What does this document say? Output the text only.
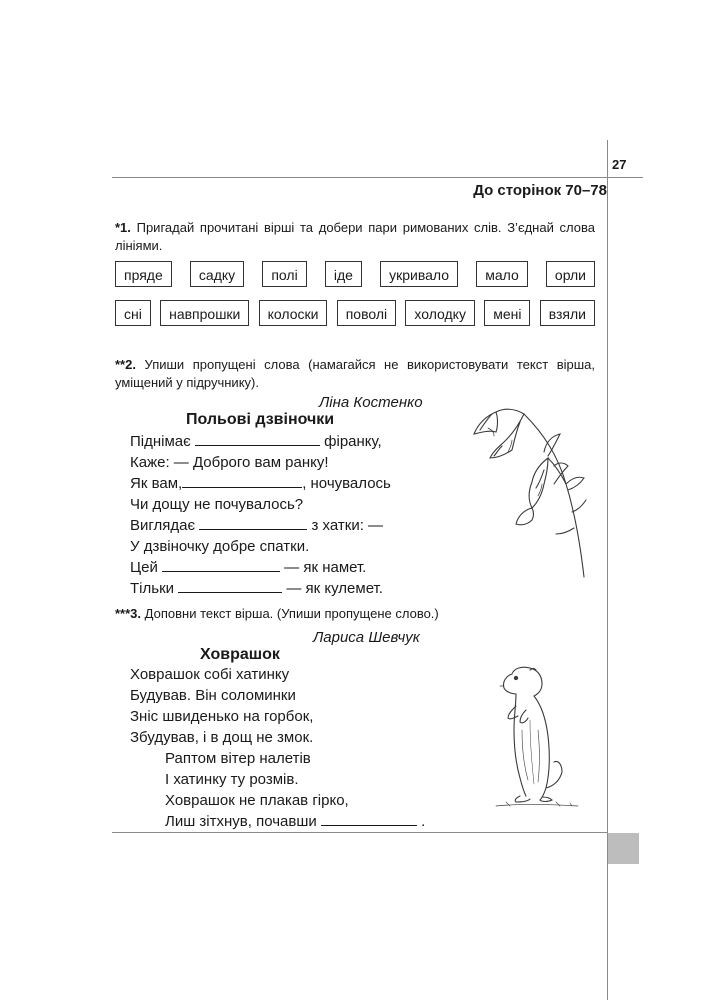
27
До сторінок 70–78
*1. Пригадай прочитані вірші та добери пари римованих слів. З’єднай слова лініями.
пряде	садку	полі	іде	укривало	мало	орли
сні	навпрошки	колоски	поволі	холодку	мені	взяли
**2. Упиши пропущені слова (намагайся не використовувати текст вірша, уміщений у підручнику).
Ліна Костенко
Польові дзвіночки
Піднімає	фіранку,
Каже: — Доброго вам ранку!
Як вам,	, ночувалось
Чи дощу не почувалось?
Виглядає	з хатки: —
У дзвіночку добре спатки.
Цей	— як намет.
Тільки	— як кулемет.
***3. Доповни текст вірша. (Упиши пропущене слово.)
Лариса Шевчук
Ховрашок
Ховрашок собі хатинку
Будував. Він соломинки
Зніс швиденько на горбок,
Збудував, і в дощ не змок.
Раптом вітер налетів
І хатинку ту розмів.
Ховрашок не плакав гірко,
Лиш зітхнув, почавши	.
